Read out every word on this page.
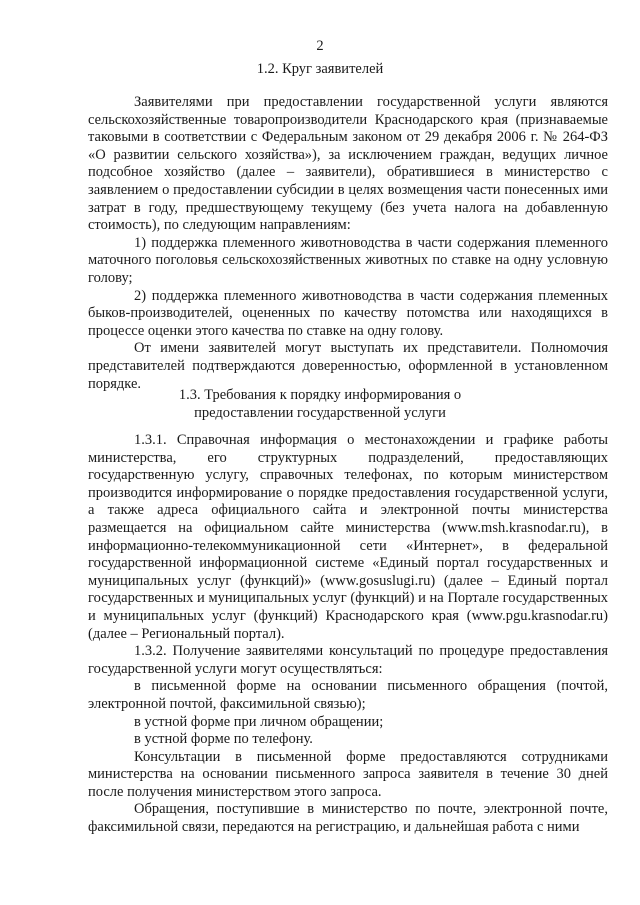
2
1.2. Круг заявителей

Заявителями при предоставлении государственной услуги являются сельскохозяйственные товаропроизводители Краснодарского края (признаваемые таковыми в соответствии с Федеральным законом от 29 декабря 2006 г. № 264-ФЗ «О развитии сельского хозяйства»), за исключением граждан, ведущих личное подсобное хозяйство (далее – заявители), обратившиеся в министерство с заявлением о предоставлении субсидии в целях возмещения части понесенных ими затрат в году, предшествующему текущему (без учета налога на добавленную стоимость), по следующим направлениям:

1) поддержка племенного животноводства в части содержания племенного маточного поголовья сельскохозяйственных животных по ставке на одну условную голову;

2) поддержка племенного животноводства в части содержания племенных быков-производителей, оцененных по качеству потомства или находящихся в процессе оценки этого качества по ставке на одну голову.

От имени заявителей могут выступать их представители. Полномочия представителей подтверждаются доверенностью, оформленной в установленном порядке.

1.3. Требования к порядку информирования о
предоставлении государственной услуги

1.3.1. Справочная информация о местонахождении и графике работы министерства, его структурных подразделений, предоставляющих государственную услугу, справочных телефонах, по которым министерством производится информирование о порядке предоставления государственной услуги, а также адреса официального сайта и электронной почты министерства размещается на официальном сайте министерства (www.msh.krasnodar.ru), в информационно-телекоммуникационной сети «Интернет», в федеральной государственной информационной системе «Единый портал государственных и муниципальных услуг (функций)» (www.gosuslugi.ru) (далее – Единый портал государственных и муниципальных услуг (функций) и на Портале государственных и муниципальных услуг (функций) Краснодарского края (www.pgu.krasnodar.ru) (далее – Региональный портал).

1.3.2. Получение заявителями консультаций по процедуре предоставления государственной услуги могут осуществляться:

в письменной форме на основании письменного обращения (почтой, электронной почтой, факсимильной связью);

в устной форме при личном обращении;

в устной форме по телефону.

Консультации в письменной форме предоставляются сотрудниками министерства на основании письменного запроса заявителя в течение 30 дней после получения министерством этого запроса.

Обращения, поступившие в министерство по почте, электронной почте, факсимильной связи, передаются на регистрацию, и дальнейшая работа с ними
